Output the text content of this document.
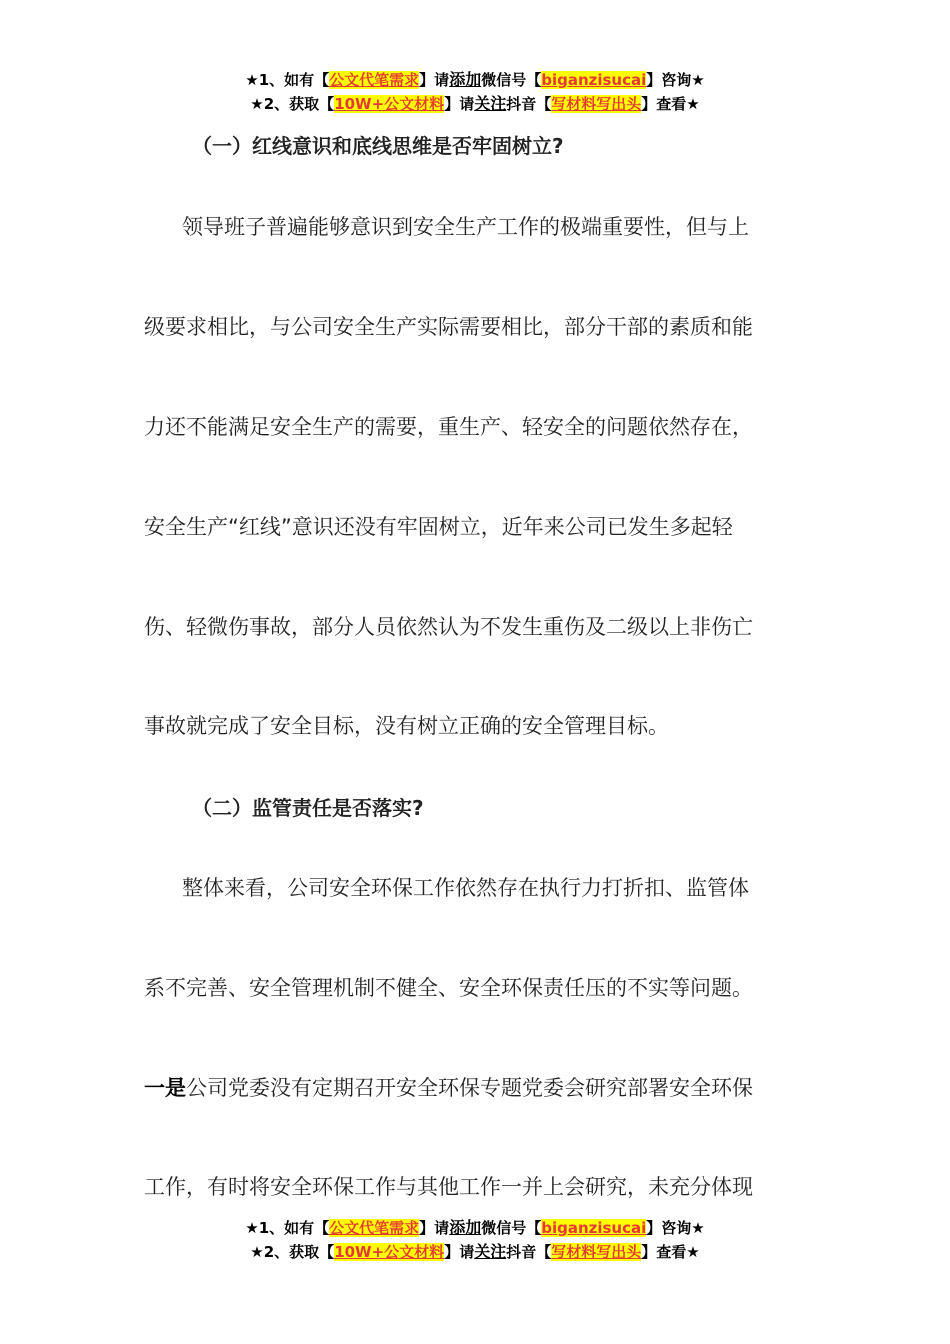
★1、如有【公文代笔需求】请添加微信号【biganzisucai】咨询★
★2、获取【10W+公文材料】请关注抖音【写材料写出头】查看★
（一）红线意识和底线思维是否牢固树立?
领导班子普遍能够意识到安全生产工作的极端重要性，但与上
级要求相比，与公司安全生产实际需要相比，部分干部的素质和能
力还不能满足安全生产的需要，重生产、轻安全的问题依然存在，
安全生产“红线”意识还没有牢固树立，近年来公司已发生多起轻
伤、轻微伤事故，部分人员依然认为不发生重伤及二级以上非伤亡
事故就完成了安全目标，没有树立正确的安全管理目标。
（二）监管责任是否落实?
整体来看，公司安全环保工作依然存在执行力打折扣、监管体
系不完善、安全管理机制不健全、安全环保责任压的不实等问题。
一是公司党委没有定期召开安全环保专题党委会研究部署安全环保
工作，有时将安全环保工作与其他工作一并上会研究，未充分体现
★1、如有【公文代笔需求】请添加微信号【biganzisucai】咨询★
★2、获取【10W+公文材料】请关注抖音【写材料写出头】查看★
